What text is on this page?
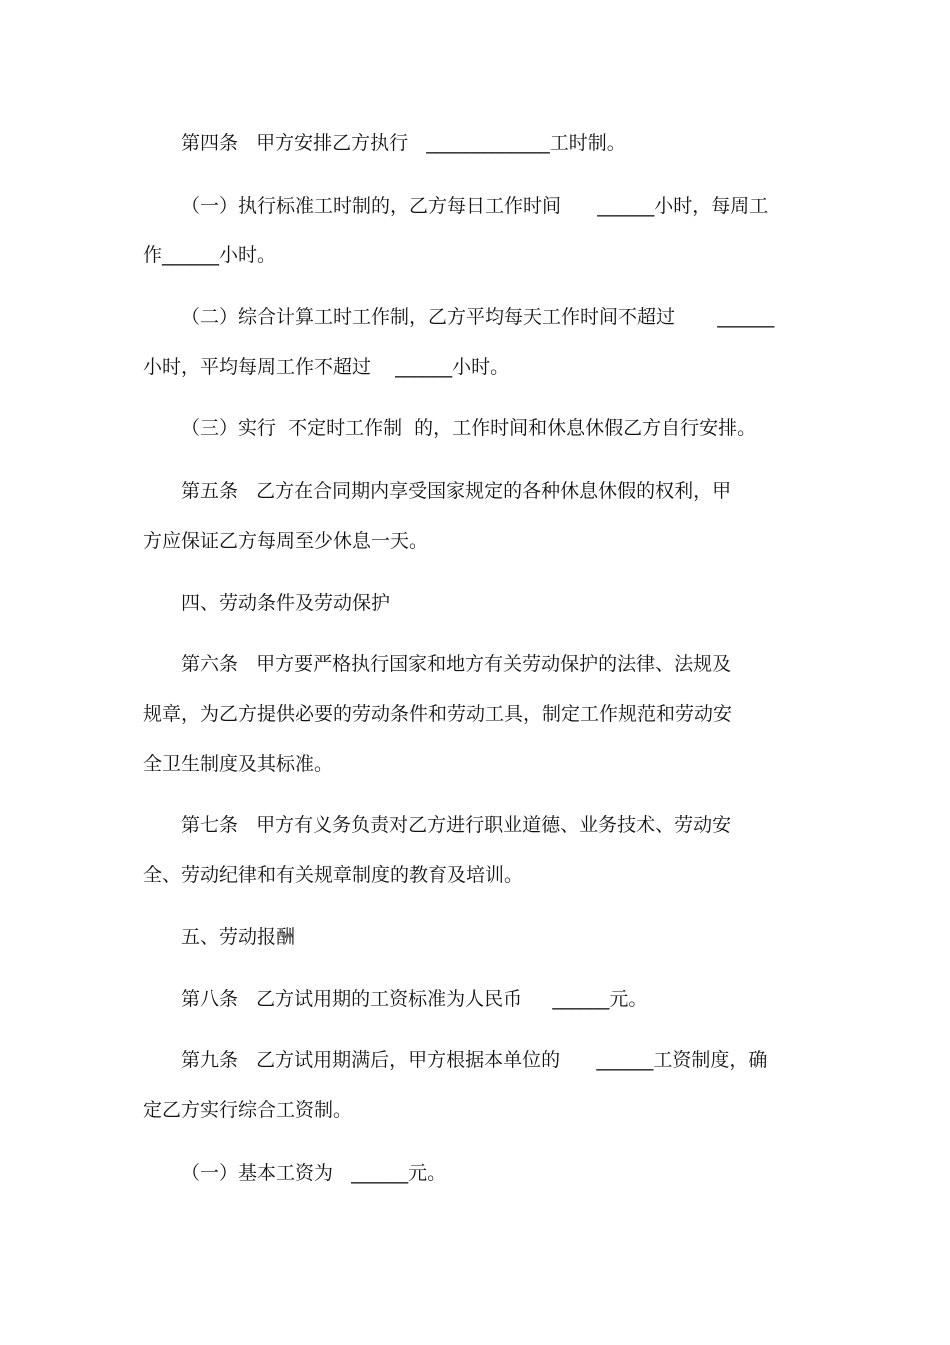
第四条   甲方安排乙方执行   _____________工时制。
（一）执行标准工时制的，乙方每日工作时间      ______小时，每周工
作______小时。
（二）综合计算工时工作制，乙方平均每天工作时间不超过       ______
小时，平均每周工作不超过    ______小时。
（三）实行  不定时工作制  的，工作时间和休息休假乙方自行安排。
第五条   乙方在合同期内享受国家规定的各种休息休假的权利，甲
方应保证乙方每周至少休息一天。
四、劳动条件及劳动保护
第六条   甲方要严格执行国家和地方有关劳动保护的法律、法规及
规章，为乙方提供必要的劳动条件和劳动工具，制定工作规范和劳动安
全卫生制度及其标准。
第七条   甲方有义务负责对乙方进行职业道德、业务技术、劳动安
全、劳动纪律和有关规章制度的教育及培训。
五、劳动报酬
第八条   乙方试用期的工资标准为人民币     ______元。
第九条   乙方试用期满后，甲方根据本单位的      ______工资制度，确
定乙方实行综合工资制。
（一）基本工资为   ______元。
